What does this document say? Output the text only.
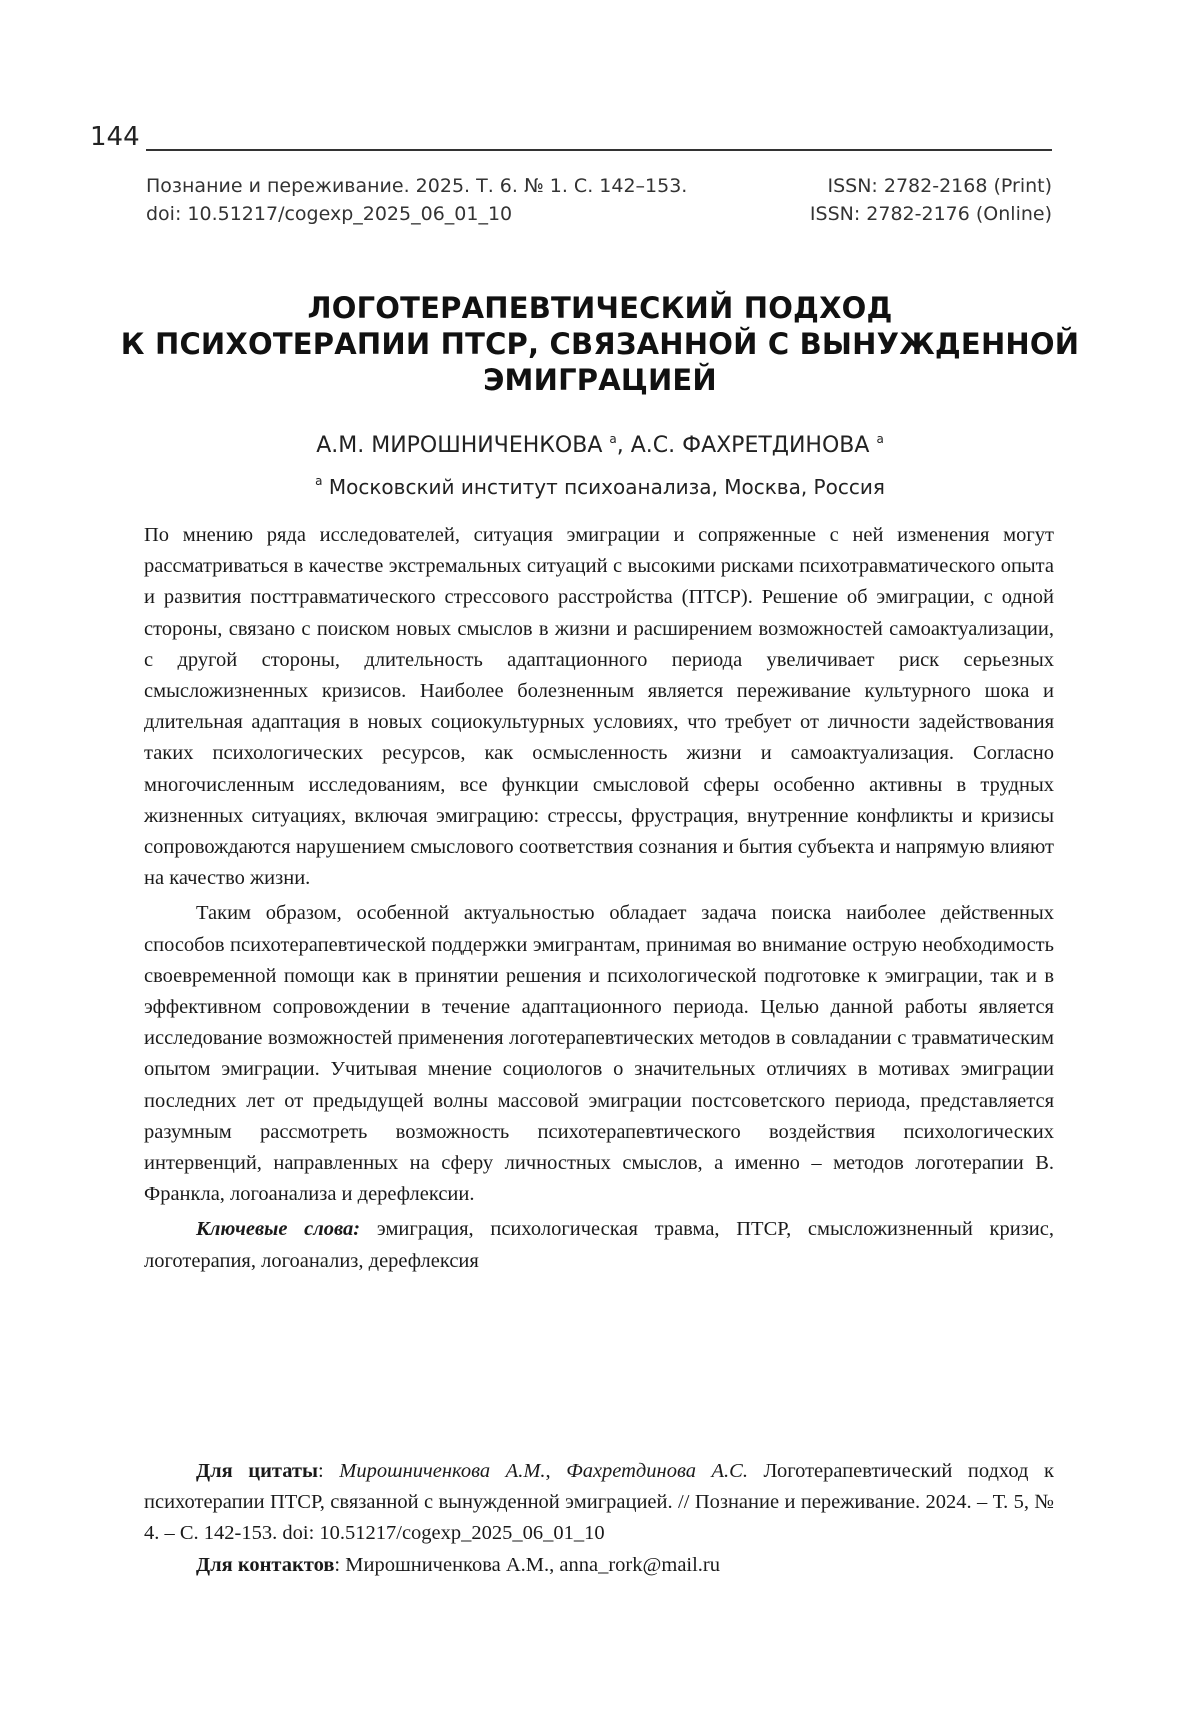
144
Познание и переживание. 2025. Т. 6. № 1. С. 142–153.
doi: 10.51217/cogexp_2025_06_01_10
ISSN: 2782-2168 (Print)
ISSN: 2782-2176 (Online)
ЛОГОТЕРАПЕВТИЧЕСКИЙ ПОДХОД
К ПСИХОТЕРАПИИ ПТСР, СВЯЗАННОЙ С ВЫНУЖДЕННОЙ
ЭМИГРАЦИЕЙ
А.М. МИРОШНИЧЕНКОВА $^а$, А.С. ФАХРЕТДИНОВА $^а$
$^а$ Московский институт психоанализа, Москва, Россия

По мнению ряда исследователей, ситуация эмиграции и сопряженные с ней изменения могут рассматриваться в качестве экстремальных ситуаций с высокими рисками психотравматического опыта и развития посттравматического стрессового расстройства (ПТСР). Решение об эмиграции, с одной стороны, связано с поиском новых смыслов в жизни и расширением возможностей самоактуализации, с другой стороны, длительность адаптационного периода увеличивает риск серьезных смысложизненных кризисов. Наиболее болезненным является переживание культурного шока и длительная адаптация в новых социокультурных условиях, что требует от личности задействования таких психологических ресурсов, как осмысленность жизни и самоактуализация. Согласно многочисленным исследованиям, все функции смысловой сферы особенно активны в трудных жизненных ситуациях, включая эмиграцию: стрессы, фрустрация, внутренние конфликты и кризисы сопровождаются нарушением смыслового соответствия сознания и бытия субъекта и напрямую влияют на качество жизни.

Таким образом, особенной актуальностью обладает задача поиска наиболее действенных способов психотерапевтической поддержки эмигрантам, принимая во внимание острую необходимость своевременной помощи как в принятии решения и психологической подготовке к эмиграции, так и в эффективном сопровождении в течение адаптационного периода. Целью данной работы является исследование возможностей применения логотерапевтических методов в совладании с травматическим опытом эмиграции. Учитывая мнение социологов о значительных отличиях в мотивах эмиграции последних лет от предыдущей волны массовой эмиграции постсоветского периода, представляется разумным рассмотреть возможность психотерапевтического воздействия психологических интервенций, направленных на сферу личностных смыслов, а именно – методов логотерапии В. Франкла, логоанализа и дерефлексии.

Ключевые слова: эмиграция, психологическая травма, ПТСР, смысложизненный кризис, логотерапия, логоанализ, дерефлексия

Для цитаты: Мирошниченкова А.М., Фахретдинова А.С. Логотерапевтический подход к психотерапии ПТСР, связанной с вынужденной эмиграцией. // Познание и переживание. 2024. – Т. 5, № 4. – С. 142-153. doi: 10.51217/cogexp_2025_06_01_10

Для контактов: Мирошниченкова А.М., anna_rork@mail.ru
